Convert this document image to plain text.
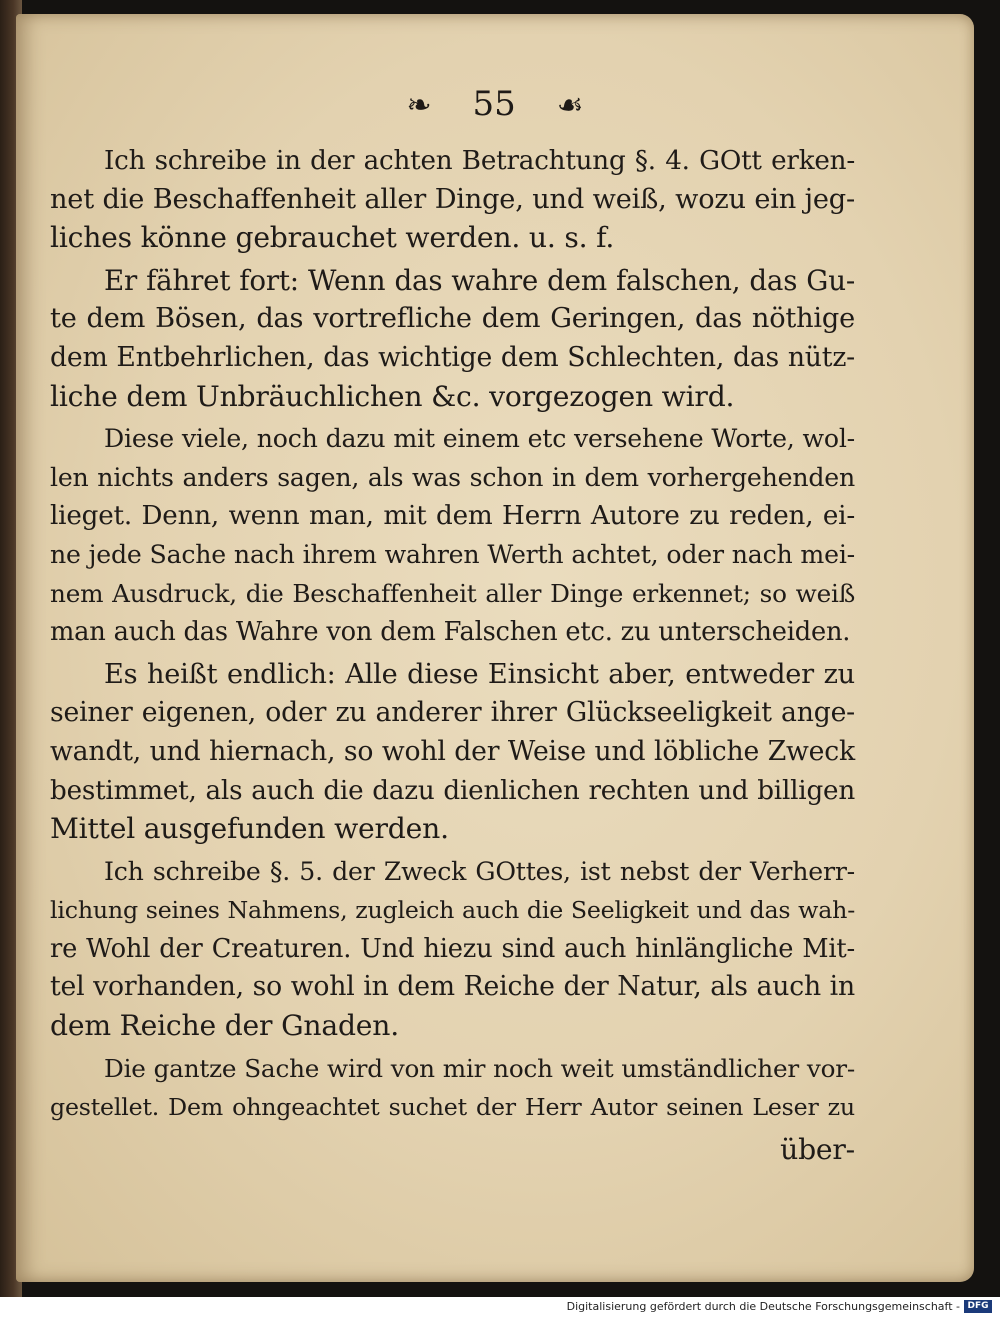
❧ 55 ☙
Ich schreibe in der achten Betrachtung §. 4. GOtt erken-
net die Beschaffenheit aller Dinge, und weiß, wozu ein jeg-
liches könne gebrauchet werden. u. s. f.
Er fähret fort: Wenn das wahre dem falschen, das Gu-
te dem Bösen, das vortrefliche dem Geringen, das nöthige
dem Entbehrlichen, das wichtige dem Schlechten, das nütz-
liche dem Unbräuchlichen &c. vorgezogen wird.
Diese viele, noch dazu mit einem etc versehene Worte, wol-
len nichts anders sagen, als was schon in dem vorhergehenden
lieget. Denn, wenn man, mit dem Herrn Autore zu reden, ei-
ne jede Sache nach ihrem wahren Werth achtet, oder nach mei-
nem Ausdruck, die Beschaffenheit aller Dinge erkennet; so weiß
man auch das Wahre von dem Falschen etc. zu unterscheiden.
Es heißt endlich: Alle diese Einsicht aber, entweder zu
seiner eigenen, oder zu anderer ihrer Glückseeligkeit ange-
wandt, und hiernach, so wohl der Weise und löbliche Zweck
bestimmet, als auch die dazu dienlichen rechten und billigen
Mittel ausgefunden werden.
Ich schreibe §. 5. der Zweck GOttes, ist nebst der Verherr-
lichung seines Nahmens, zugleich auch die Seeligkeit und das wah-
re Wohl der Creaturen. Und hiezu sind auch hinlängliche Mit-
tel vorhanden, so wohl in dem Reiche der Natur, als auch in
dem Reiche der Gnaden.
Die gantze Sache wird von mir noch weit umständlicher vor-
gestellet. Dem ohngeachtet suchet der Herr Autor seinen Leser zu
über-
Digitalisierung gefördert durch die Deutsche Forschungsgemeinschaft - DFG
